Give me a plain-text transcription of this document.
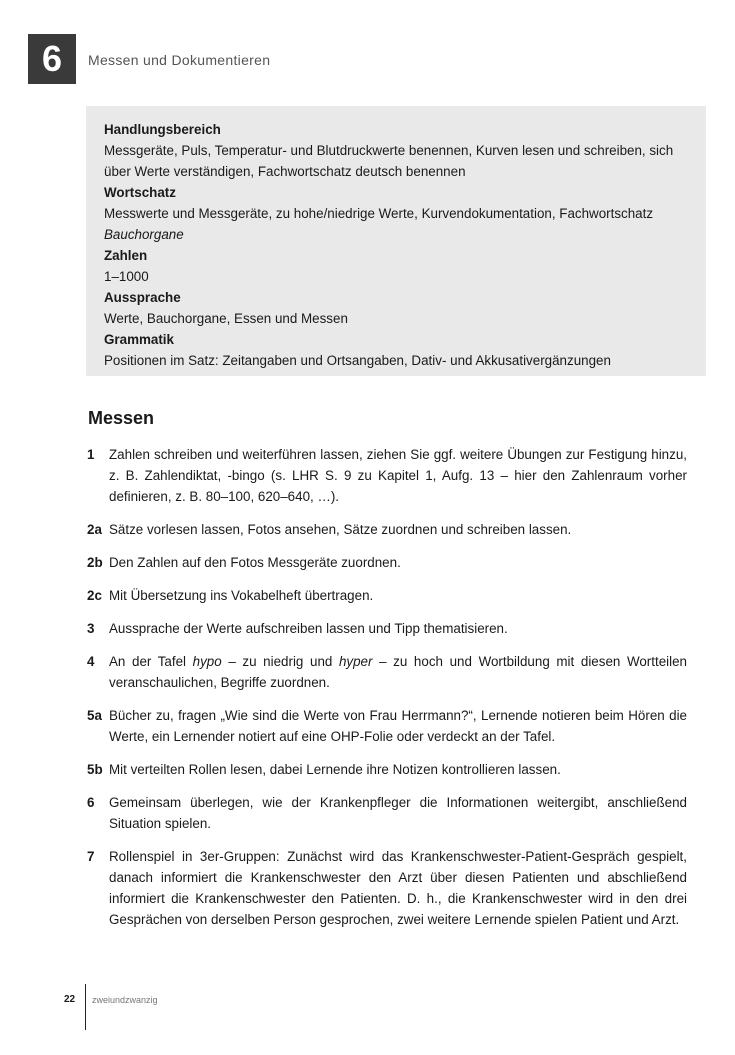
6	Messen und Dokumentieren
Handlungsbereich

Messgeräte, Puls, Temperatur- und Blutdruckwerte benennen, Kurven lesen und schreiben, sich über Werte verständigen, Fachwortschatz deutsch benennen

Wortschatz

Messwerte und Messgeräte, zu hohe/niedrige Werte, Kurvendokumentation, Fachwortschatz Bauchorgane

Zahlen

1–1000

Aussprache

Werte, Bauchorgane, Essen und Messen

Grammatik

Positionen im Satz: Zeitangaben und Ortsangaben, Dativ- und Akkusativergänzungen

Messen
1	Zahlen schreiben und weiterführen lassen, ziehen Sie ggf. weitere Übungen zur Festigung hinzu, z. B. Zahlendiktat, -bingo (s. LHR S. 9 zu Kapitel 1, Aufg. 13 – hier den Zahlenraum vorher definieren, z. B. 80–100, 620–640, …).
2a Sätze vorlesen lassen, Fotos ansehen, Sätze zuordnen und schreiben lassen.
2b Den Zahlen auf den Fotos Messgeräte zuordnen.
2c Mit Übersetzung ins Vokabelheft übertragen.
3	Aussprache der Werte aufschreiben lassen und Tipp thematisieren.
4	An der Tafel hypo – zu niedrig und hyper – zu hoch und Wortbildung mit diesen Wortteilen veranschaulichen, Begriffe zuordnen.
5a Bücher zu, fragen „Wie sind die Werte von Frau Herrmann?“, Lernende notieren beim Hören die Werte, ein Lernender notiert auf eine OHP-Folie oder verdeckt an der Tafel.
5b Mit verteilten Rollen lesen, dabei Lernende ihre Notizen kontrollieren lassen.
6	Gemeinsam überlegen, wie der Krankenpfleger die Informationen weitergibt, anschließend Situation spielen.
7	Rollenspiel in 3er-Gruppen: Zunächst wird das Krankenschwester-Patient-Gespräch gespielt, danach informiert die Krankenschwester den Arzt über diesen Patienten und abschließend informiert die Krankenschwester den Patienten. D. h., die Krankenschwester wird in den drei Gesprächen von derselben Person gesprochen, zwei weitere Lernende spielen Patient und Arzt.
22 zweiundzwanzig
